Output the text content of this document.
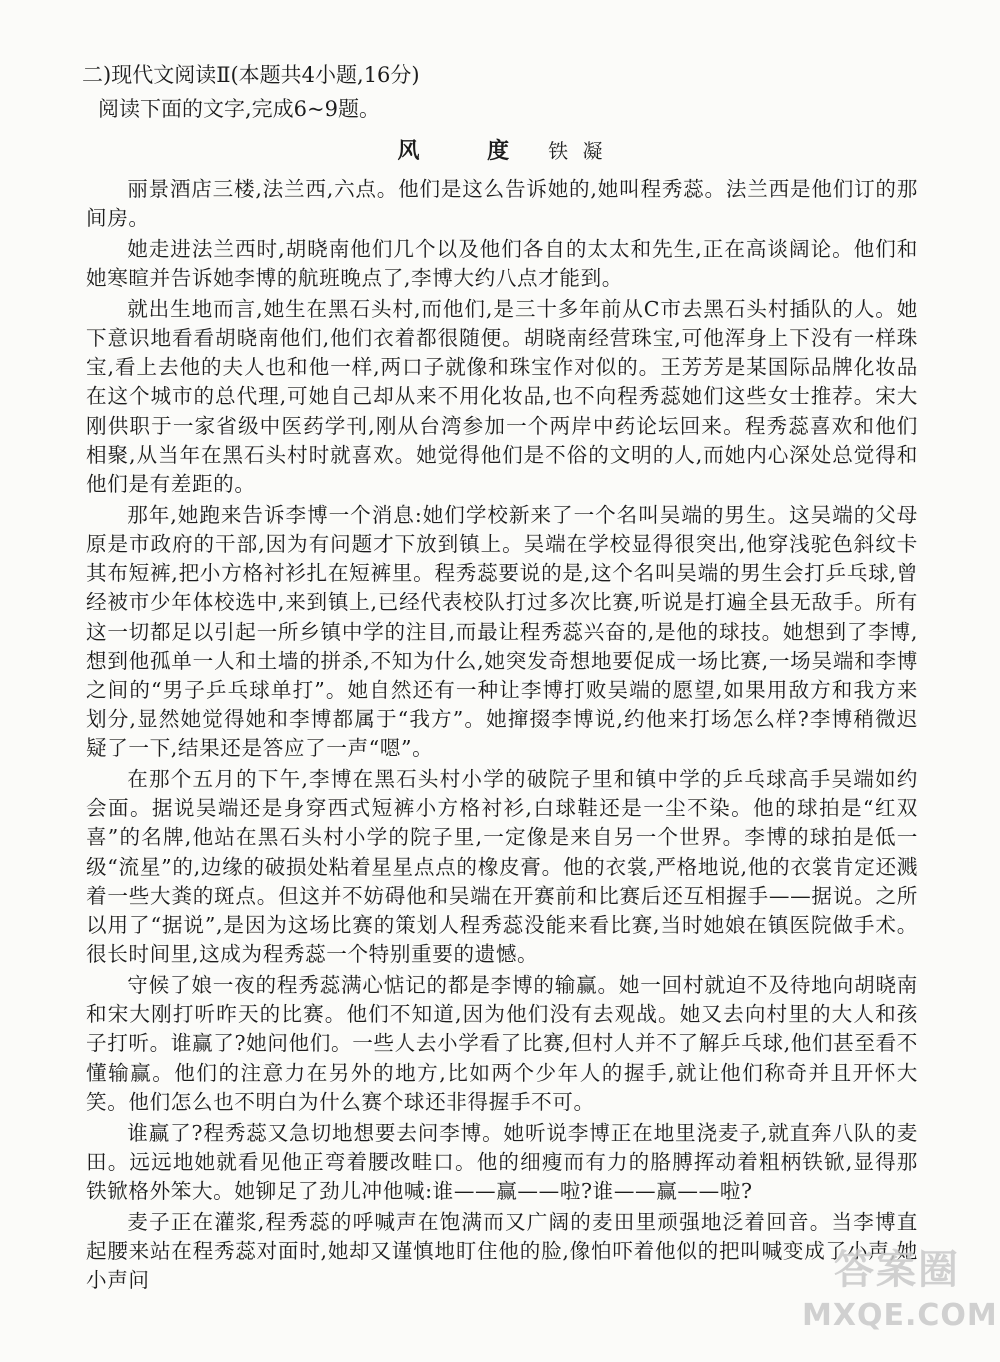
二)现代文阅读Ⅱ(本题共4小题,16分)
阅读下面的文字,完成6~9题。
风 度 铁 凝

丽景酒店三楼,法兰西,六点。他们是这么告诉她的,她叫程秀蕊。法兰西是他们订的那间房。

她走进法兰西时,胡晓南他们几个以及他们各自的太太和先生,正在高谈阔论。他们和她寒暄并告诉她李博的航班晚点了,李博大约八点才能到。

就出生地而言,她生在黑石头村,而他们,是三十多年前从C市去黑石头村插队的人。她下意识地看看胡晓南他们,他们衣着都很随便。胡晓南经营珠宝,可他浑身上下没有一样珠宝,看上去他的夫人也和他一样,两口子就像和珠宝作对似的。王芳芳是某国际品牌化妆品在这个城市的总代理,可她自己却从来不用化妆品,也不向程秀蕊她们这些女士推荐。宋大刚供职于一家省级中医药学刊,刚从台湾参加一个两岸中药论坛回来。程秀蕊喜欢和他们相聚,从当年在黑石头村时就喜欢。她觉得他们是不俗的文明的人,而她内心深处总觉得和他们是有差距的。

那年,她跑来告诉李博一个消息:她们学校新来了一个名叫吴端的男生。这吴端的父母原是市政府的干部,因为有问题才下放到镇上。吴端在学校显得很突出,他穿浅驼色斜纹卡其布短裤,把小方格衬衫扎在短裤里。程秀蕊要说的是,这个名叫吴端的男生会打乒乓球,曾经被市少年体校选中,来到镇上,已经代表校队打过多次比赛,听说是打遍全县无敌手。所有这一切都足以引起一所乡镇中学的注目,而最让程秀蕊兴奋的,是他的球技。她想到了李博,想到他孤单一人和土墙的拼杀,不知为什么,她突发奇想地要促成一场比赛,一场吴端和李博之间的“男子乒乓球单打”。她自然还有一种让李博打败吴端的愿望,如果用敌方和我方来划分,显然她觉得她和李博都属于“我方”。她撺掇李博说,约他来打场怎么样?李博稍微迟疑了一下,结果还是答应了一声“嗯”。

在那个五月的下午,李博在黑石头村小学的破院子里和镇中学的乒乓球高手吴端如约会面。据说吴端还是身穿西式短裤小方格衬衫,白球鞋还是一尘不染。他的球拍是“红双喜”的名牌,他站在黑石头村小学的院子里,一定像是来自另一个世界。李博的球拍是低一级“流星”的,边缘的破损处粘着星星点点的橡皮膏。他的衣裳,严格地说,他的衣裳肯定还溅着一些大粪的斑点。但这并不妨碍他和吴端在开赛前和比赛后还互相握手——据说。之所以用了“据说”,是因为这场比赛的策划人程秀蕊没能来看比赛,当时她娘在镇医院做手术。很长时间里,这成为程秀蕊一个特别重要的遗憾。

守候了娘一夜的程秀蕊满心惦记的都是李博的输赢。她一回村就迫不及待地向胡晓南和宋大刚打听昨天的比赛。他们不知道,因为他们没有去观战。她又去向村里的大人和孩子打听。谁赢了?她问他们。一些人去小学看了比赛,但村人并不了解乒乓球,他们甚至看不懂输赢。他们的注意力在另外的地方,比如两个少年人的握手,就让他们称奇并且开怀大笑。他们怎么也不明白为什么赛个球还非得握手不可。

谁赢了?程秀蕊又急切地想要去问李博。她听说李博正在地里浇麦子,就直奔八队的麦田。远远地她就看见他正弯着腰改畦口。他的细瘦而有力的胳膊挥动着粗柄铁锨,显得那铁锨格外笨大。她铆足了劲儿冲他喊:谁——赢——啦?谁——赢——啦?

麦子正在灌浆,程秀蕊的呼喊声在饱满而又广阔的麦田里顽强地泛着回音。当李博直起腰来站在程秀蕊对面时,她却又谨慎地盯住他的脸,像怕吓着他似的把叫喊变成了小声,她小声问	答案圈
MXQE.COM
